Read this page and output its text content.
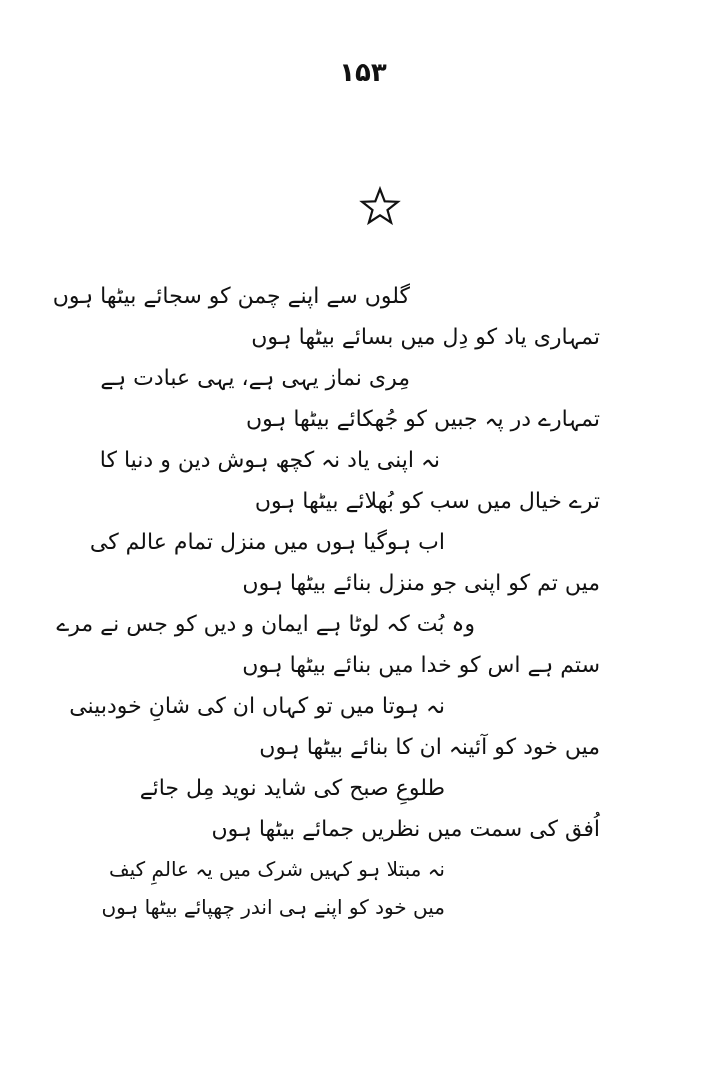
۱۵۳
گلوں سے اپنے چمن کو سجائے بیٹھا ہوں
تمہاری یاد کو دِل میں بسائے بیٹھا ہوں
مِری نماز یہی ہے، یہی عبادت ہے
تمہارے در پہ جبیں کو جُھکائے بیٹھا ہوں
نہ اپنی یاد نہ کچھ ہوش دین و دنیا کا
ترے خیال میں سب کو بُھلائے بیٹھا ہوں
اب ہوگیا ہوں میں منزل تمام عالم کی
میں تم کو اپنی جو منزل بنائے بیٹھا ہوں
وہ بُت کہ لوٹا ہے ایمان و دیں کو جس نے مرے
ستم ہے اس کو خدا میں بنائے بیٹھا ہوں
نہ ہوتا میں تو کہاں ان کی شانِ خودبینی
میں خود کو آئینہ ان کا بنائے بیٹھا ہوں
طلوعِ صبح کی شاید نوید مِل جائے
اُفق کی سمت میں نظریں جمائے بیٹھا ہوں
نہ مبتلا ہو کہیں شرک میں یہ عالمِ کیف
میں خود کو اپنے ہی اندر چھپائے بیٹھا ہوں
